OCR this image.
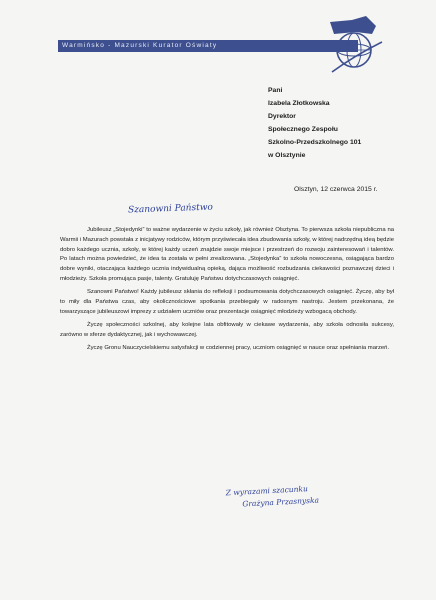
Warmińsko - Mazurski Kurator Oświaty
Pani
Izabela Złotkowska
Dyrektor
Społecznego Zespołu
Szkolno-Przedszkolnego 101
w Olsztynie
Olsztyn, 12 czerwca 2015 r.
Szanowni Państwo

Jubileusz „Stojedynki” to ważne wydarzenie w życiu szkoły, jak również Olsztyna. To pierwsza szkoła niepubliczna na Warmii i Mazurach powstała z inicjatywy rodziców, którym przyświecała idea zbudowania szkoły, w której nadrzędną ideą będzie dobro każdego ucznia, szkoły, w której każdy uczeń znajdzie swoje miejsce i przestrzeń do rozwoju zainteresowań i talentów. Po latach można powiedzieć, że idea ta została w pełni zrealizowana. „Stojedynka” to szkoła nowoczesna, osiągająca bardzo dobre wyniki, otaczająca każdego ucznia indywidualną opieką, dająca możliwość rozbudzania ciekawości poznawczej dzieci i młodzieży. Szkoła promująca pasje, talenty. Gratuluję Państwu dotychczasowych osiągnięć.

Szanowni Państwo! Każdy jubileusz skłania do refleksji i podsumowania dotychczasowych osiągnięć. Życzę, aby był to miły dla Państwa czas, aby okolicznościowe spotkania przebiegały w radosnym nastroju. Jestem przekonana, że towarzyszące jubileuszowi imprezy z udziałem uczniów oraz prezentacje osiągnięć młodzieży wzbogacą obchody.

Życzę społeczności szkolnej, aby kolejne lata obfitowały w ciekawe wydarzenia, aby szkoła odnosiła sukcesy, zarówno w sferze dydaktycznej, jak i wychowawczej.

Życzę Gronu Nauczycielskiemu satysfakcji w codziennej pracy, uczniom osiągnięć w nauce oraz spełniania marzeń.

Z wyrazami szacunku
Grażyna Przasnyska
